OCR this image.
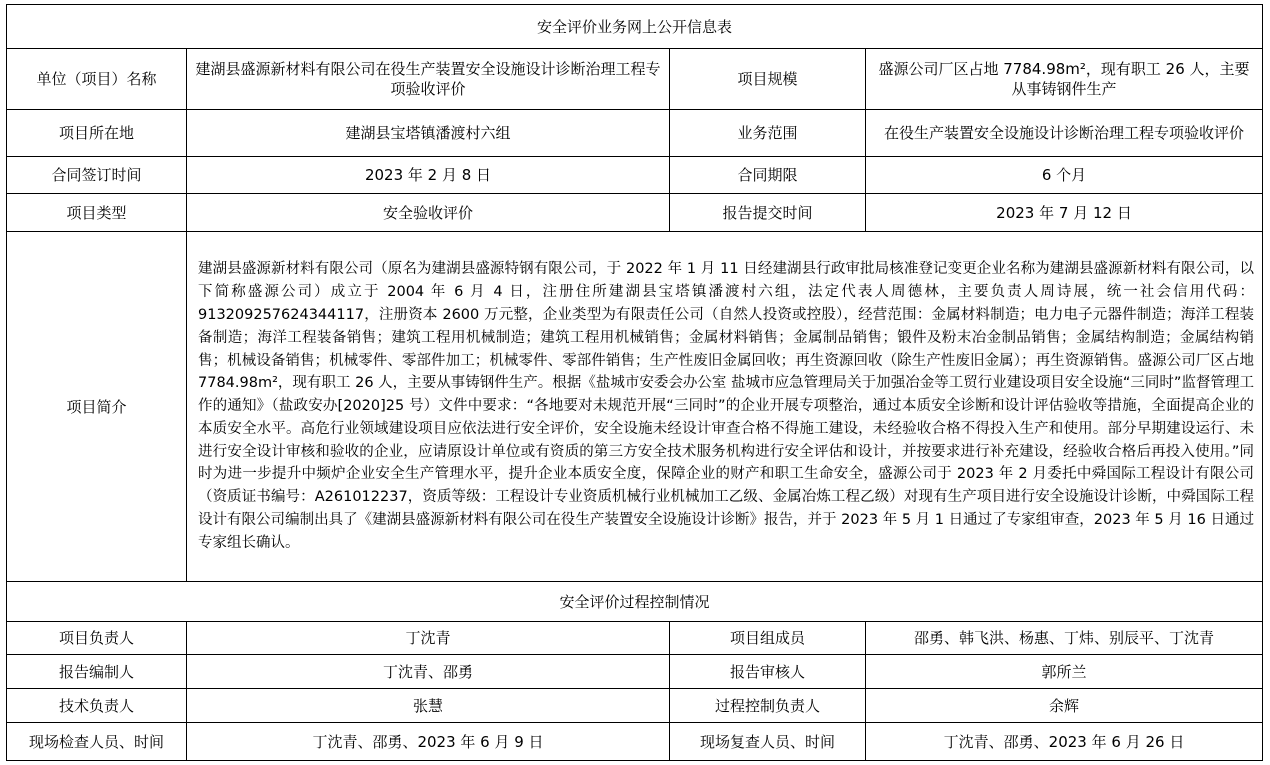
安全评价业务网上公开信息表			
单位（项目）名称	建湖县盛源新材料有限公司在役生产装置安全设施设计诊断治理工程专项验收评价	项目规模	盛源公司厂区占地 7784.98m²，现有职工 26 人，主要从事铸钢件生产
项目所在地	建湖县宝塔镇潘渡村六组	业务范围	在役生产装置安全设施设计诊断治理工程专项验收评价
合同签订时间	2023 年 2 月 8 日	合同期限	6 个月
项目类型	安全验收评价	报告提交时间	2023 年 7 月 12 日
项目简介	建湖县盛源新材料有限公司（原名为建湖县盛源特钢有限公司，于 2022 年 1 月 11 日经建湖县行政审批局核准登记变更企业名称为建湖县盛源新材料有限公司，以下简称盛源公司）成立于 2004 年 6 月 4 日，注册住所建湖县宝塔镇潘渡村六组，法定代表人周德林，主要负责人周诗展，统一社会信用代码：913209257624344117，注册资本 2600 万元整，企业类型为有限责任公司（自然人投资或控股），经营范围：金属材料制造；电力电子元器件制造；海洋工程装备制造；海洋工程装备销售；建筑工程用机械制造；建筑工程用机械销售；金属材料销售；金属制品销售；锻件及粉末冶金制品销售；金属结构制造；金属结构销售；机械设备销售；机械零件、零部件加工；机械零件、零部件销售；生产性废旧金属回收；再生资源回收（除生产性废旧金属）；再生资源销售。盛源公司厂区占地 7784.98m²，现有职工 26 人，主要从事铸钢件生产。根据《盐城市安委会办公室 盐城市应急管理局关于加强冶金等工贸行业建设项目安全设施“三同时”监督管理工作的通知》（盐政安办[2020]25 号）文件中要求：“各地要对未规范开展“三同时”的企业开展专项整治，通过本质安全诊断和设计评估验收等措施，全面提高企业的本质安全水平。高危行业领域建设项目应依法进行安全评价，安全设施未经设计审查合格不得施工建设，未经验收合格不得投入生产和使用。部分早期建设运行、未进行安全设计审核和验收的企业，应请原设计单位或有资质的第三方安全技术服务机构进行安全评估和设计，并按要求进行补充建设，经验收合格后再投入使用。”同时为进一步提升中频炉企业安全生产管理水平，提升企业本质安全度，保障企业的财产和职工生命安全，盛源公司于 2023 年 2 月委托中舜国际工程设计有限公司（资质证书编号：A261012237，资质等级：工程设计专业资质机械行业机械加工乙级、金属冶炼工程乙级）对现有生产项目进行安全设施设计诊断，中舜国际工程设计有限公司编制出具了《建湖县盛源新材料有限公司在役生产装置安全设施设计诊断》报告，并于 2023 年 5 月 1 日通过了专家组审查，2023 年 5 月 16 日通过专家组长确认。		
安全评价过程控制情况			
项目负责人	丁沈青	项目组成员	邵勇、韩飞洪、杨惠、丁炜、别辰平、丁沈青
报告编制人	丁沈青、邵勇	报告审核人	郭所兰
技术负责人	张慧	过程控制负责人	余辉
现场检查人员、时间	丁沈青、邵勇、2023 年 6 月 9 日	现场复查人员、时间	丁沈青、邵勇、2023 年 6 月 26 日
